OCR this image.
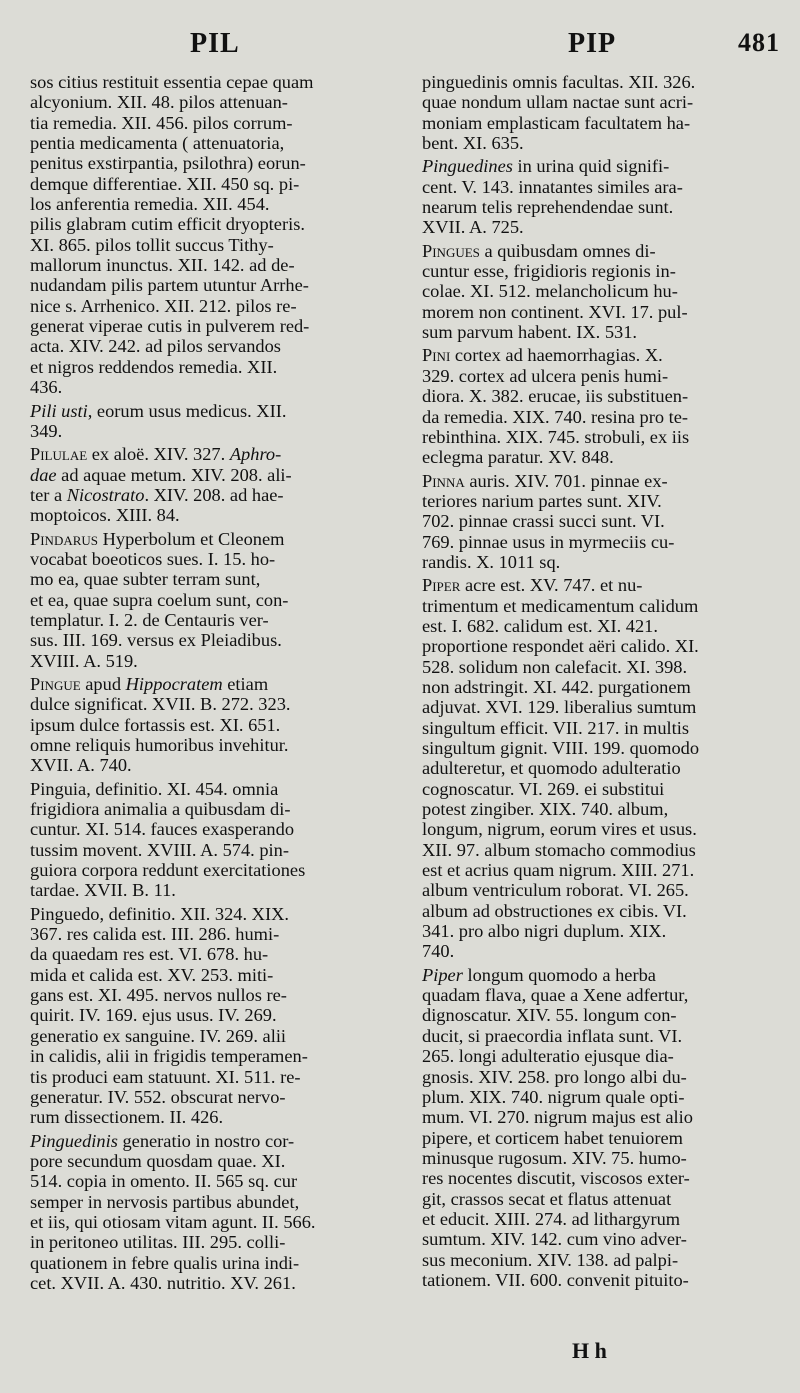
PIL	PIP	481

sos citius restituit essentia cepae quam
alcyonium. XII. 48. pilos attenuan-
tia remedia. XII. 456. pilos corrum-
pentia medicamenta ( attenuatoria,
penitus exstirpantia, psilothra) eorun-
demque differentiae. XII. 450 sq. pi-
los anferentia remedia. XII. 454.
pilis glabram cutim efficit dryopteris.
XI. 865. pilos tollit succus Tithy-
mallorum inunctus. XII. 142. ad de-
nudandam pilis partem utuntur Arrhe-
nice s. Arrhenico. XII. 212. pilos re-
generat viperae cutis in pulverem red-
acta. XIV. 242. ad pilos servandos
et nigros reddendos remedia. XII.
436.

Pili usti, eorum usus medicus. XII.
349.

Pilulae ex aloë. XIV. 327. Aphro-
dae ad aquae metum. XIV. 208. ali-
ter a Nicostrato. XIV. 208. ad hae-
moptoicos. XIII. 84.

Pindarus Hyperbolum et Cleonem
vocabat boeoticos sues. I. 15. ho-
mo ea, quae subter terram sunt,
et ea, quae supra coelum sunt, con-
templatur. I. 2. de Centauris ver-
sus. III. 169. versus ex Pleiadibus.
XVIII. A. 519.

Pingue apud Hippocratem etiam
dulce significat. XVII. B. 272. 323.
ipsum dulce fortassis est. XI. 651.
omne reliquis humoribus invehitur.
XVII. A. 740.

Pinguia, definitio. XI. 454. omnia
frigidiora animalia a quibusdam di-
cuntur. XI. 514. fauces exasperando
tussim movent. XVIII. A. 574. pin-
guiora corpora reddunt exercitationes
tardae. XVII. B. 11.

Pinguedo, definitio. XII. 324. XIX.
367. res calida est. III. 286. humi-
da quaedam res est. VI. 678. hu-
mida et calida est. XV. 253. miti-
gans est. XI. 495. nervos nullos re-
quirit. IV. 169. ejus usus. IV. 269.
generatio ex sanguine. IV. 269. alii
in calidis, alii in frigidis temperamen-
tis produci eam statuunt. XI. 511. re-
generatur. IV. 552. obscurat nervo-
rum dissectionem. II. 426.

Pinguedinis generatio in nostro cor-
pore secundum quosdam quae. XI.
514. copia in omento. II. 565 sq. cur
semper in nervosis partibus abundet,
et iis, qui otiosam vitam agunt. II. 566.
in peritoneo utilitas. III. 295. colli-
quationem in febre qualis urina indi-
cet. XVII. A. 430. nutritio. XV. 261.

pinguedinis omnis facultas. XII. 326.
quae nondum ullam nactae sunt acri-
moniam emplasticam facultatem ha-
bent. XI. 635.

Pinguedines in urina quid signifi-
cent. V. 143. innatantes similes ara-
nearum telis reprehendendae sunt.
XVII. A. 725.

Pingues a quibusdam omnes di-
cuntur esse, frigidioris regionis in-
colae. XI. 512. melancholicum hu-
morem non continent. XVI. 17. pul-
sum parvum habent. IX. 531.

Pini cortex ad haemorrhagias. X.
329. cortex ad ulcera penis humi-
diora. X. 382. erucae, iis substituen-
da remedia. XIX. 740. resina pro te-
rebinthina. XIX. 745. strobuli, ex iis
eclegma paratur. XV. 848.

Pinna auris. XIV. 701. pinnae ex-
teriores narium partes sunt. XIV.
702. pinnae crassi succi sunt. VI.
769. pinnae usus in myrmeciis cu-
randis. X. 1011 sq.

Piper acre est. XV. 747. et nu-
trimentum et medicamentum calidum
est. I. 682. calidum est. XI. 421.
proportione respondet aëri calido. XI.
528. solidum non calefacit. XI. 398.
non adstringit. XI. 442. purgationem
adjuvat. XVI. 129. liberalius sumtum
singultum efficit. VII. 217. in multis
singultum gignit. VIII. 199. quomodo
adulteretur, et quomodo adulteratio
cognoscatur. VI. 269. ei substitui
potest zingiber. XIX. 740. album,
longum, nigrum, eorum vires et usus.
XII. 97. album stomacho commodius
est et acrius quam nigrum. XIII. 271.
album ventriculum roborat. VI. 265.
album ad obstructiones ex cibis. VI.
341. pro albo nigri duplum. XIX.
740.

Piper longum quomodo a herba
quadam flava, quae a Xene adfertur,
dignoscatur. XIV. 55. longum con-
ducit, si praecordia inflata sunt. VI.
265. longi adulteratio ejusque dia-
gnosis. XIV. 258. pro longo albi du-
plum. XIX. 740. nigrum quale opti-
mum. VI. 270. nigrum majus est alio
pipere, et corticem habet tenuiorem
minusque rugosum. XIV. 75. humo-
res nocentes discutit, viscosos exter-
git, crassos secat et flatus attenuat
et educit. XIII. 274. ad lithargyrum
sumtum. XIV. 142. cum vino adver-
sus meconium. XIV. 138. ad palpi-
tationem. VII. 600. convenit pituito-

H h
